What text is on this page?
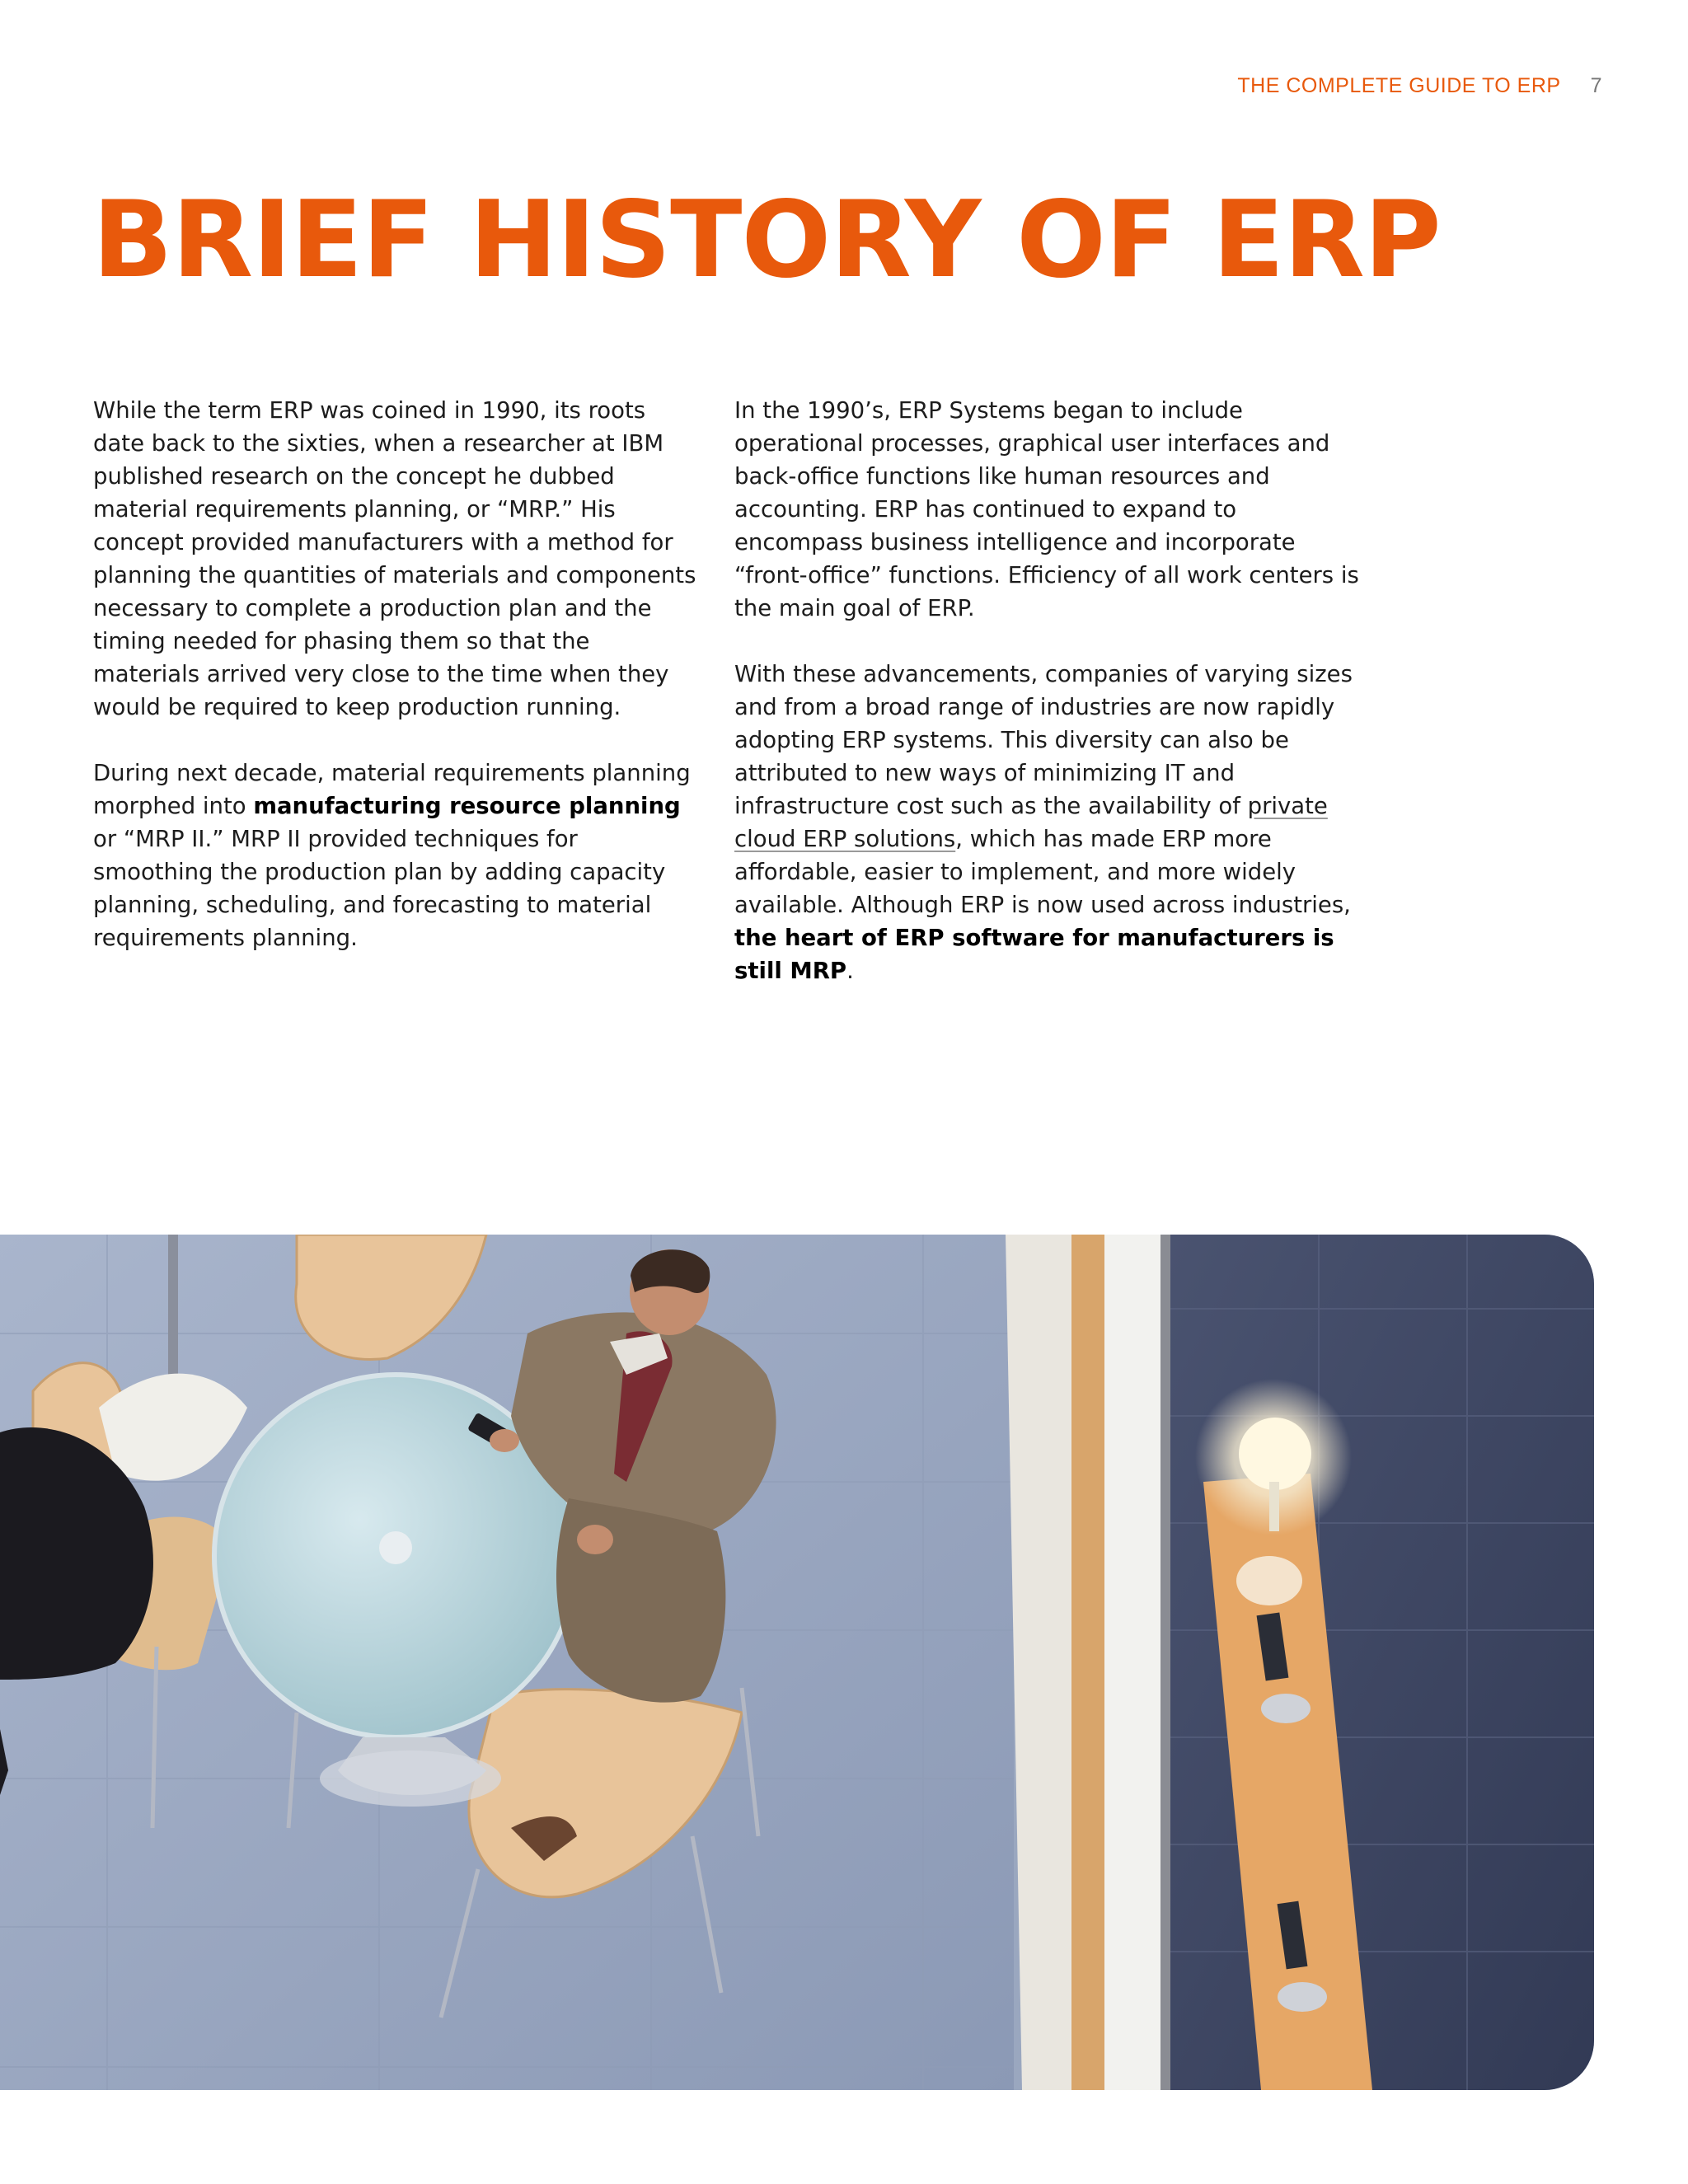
THE COMPLETE GUIDE TO ERP 7
BRIEF HISTORY OF ERP

While the term ERP was coined in 1990, its roots date back to the sixties, when a researcher at IBM published research on the concept he dubbed material requirements planning, or “MRP.” His concept provided manufacturers with a method for planning the quantities of materials and components necessary to complete a production plan and the timing needed for phasing them so that the materials arrived very close to the time when they would be required to keep production running.

During next decade, material requirements planning morphed into manufacturing resource planning or “MRP II.” MRP II provided techniques for smoothing the production plan by adding capacity planning, scheduling, and forecasting to material requirements planning.

In the 1990’s, ERP Systems began to include operational processes, graphical user interfaces and back-office functions like human resources and accounting. ERP has continued to expand to encompass business intelligence and incorporate “front-office” functions. Efficiency of all work centers is the main goal of ERP.

With these advancements, companies of varying sizes and from a broad range of industries are now rapidly adopting ERP systems. This diversity can also be attributed to new ways of minimizing IT and infrastructure cost such as the availability of private cloud ERP solutions, which has made ERP more affordable, easier to implement, and more widely available. Although ERP is now used across industries, the heart of ERP software for manufacturers is still MRP.
